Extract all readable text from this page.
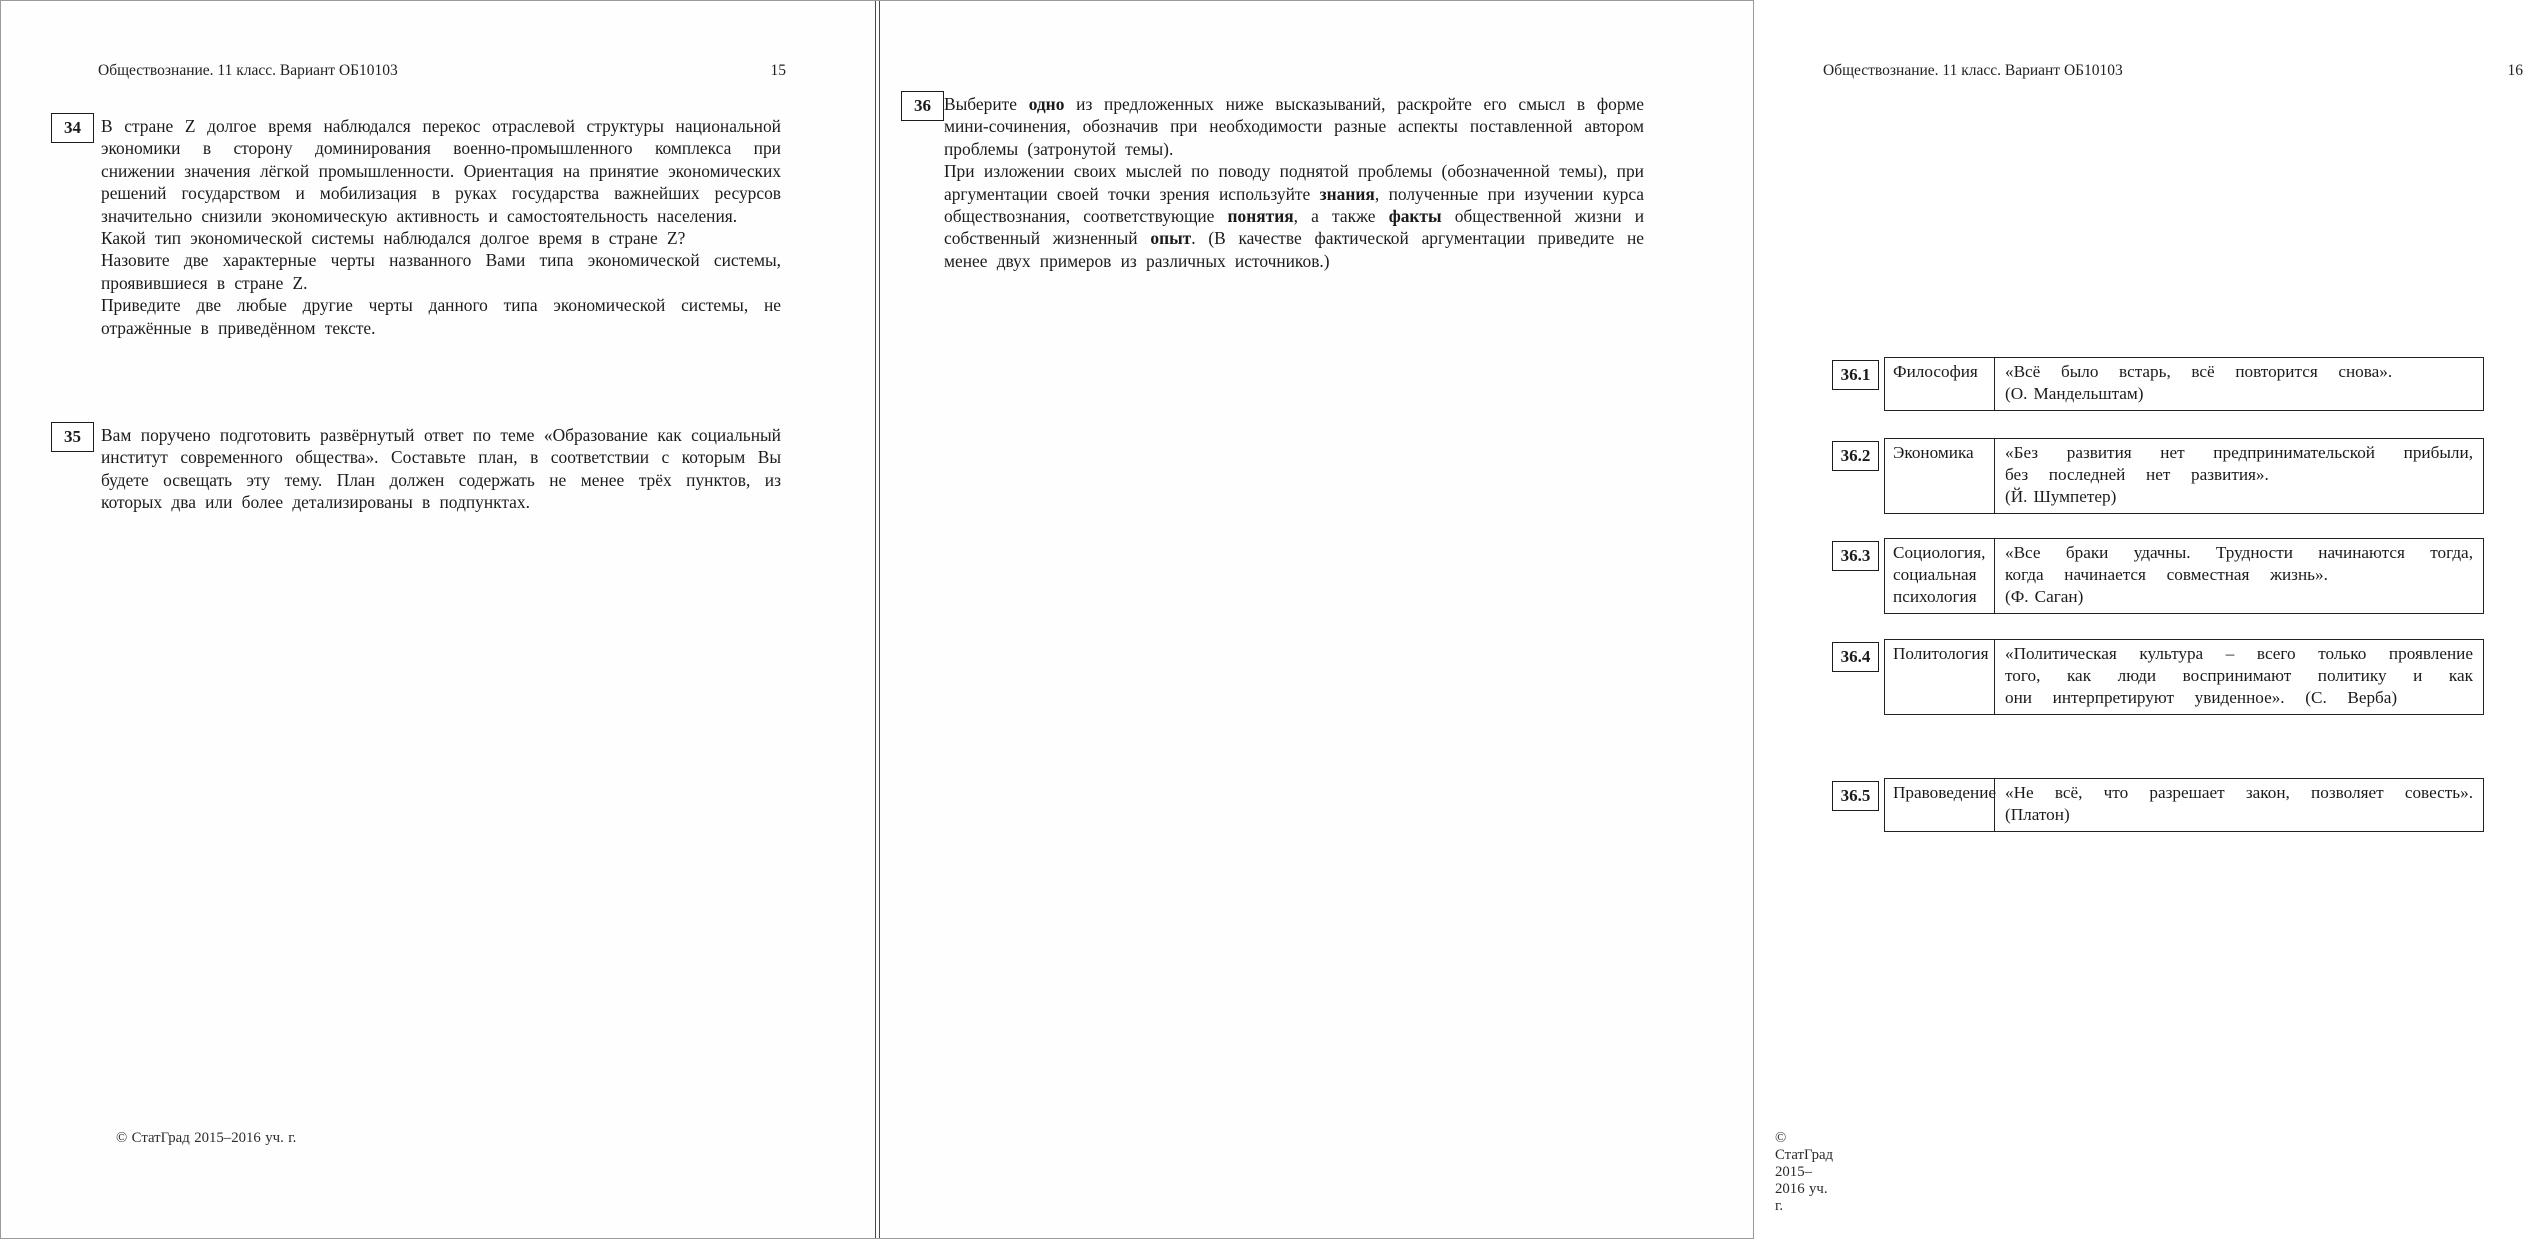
Обществознание. 11 класс. Вариант ОБ10103	15
34 В стране Z долгое время наблюдался перекос отраслевой структуры национальной экономики в сторону доминирования военно-промышленного комплекса при снижении значения лёгкой промышленности. Ориентация на принятие экономических решений государством и мобилизация в руках государства важнейших ресурсов значительно снизили экономическую активность и самостоятельность населения.

Какой тип экономической системы наблюдался долгое время в стране Z?

Назовите две характерные черты названного Вами типа экономической системы, проявившиеся в стране Z.

Приведите две любые другие черты данного типа экономической системы, не отражённые в приведённом тексте.

35 Вам поручено подготовить развёрнутый ответ по теме «Образование как социальный институт современного общества». Составьте план, в соответствии с которым Вы будете освещать эту тему. План должен содержать не менее трёх пунктов, из которых два или более детализированы в подпунктах.

© СтатГрад 2015–2016 уч. г.
Обществознание. 11 класс. Вариант ОБ10103	16
36 Выберите одно из предложенных ниже высказываний, раскройте его смысл в форме мини-сочинения, обозначив при необходимости разные аспекты поставленной автором проблемы (затронутой темы).

При изложении своих мыслей по поводу поднятой проблемы (обозначенной темы), при аргументации своей точки зрения используйте знания, полученные при изучении курса обществознания, соответствующие понятия, а также факты общественной жизни и собственный жизненный опыт. (В качестве фактической аргументации приведите не менее двух примеров из различных источников.)

36.1	Философия	«Всё было встарь, всё повторится снова».
(О. Мандельштам)
36.2	Экономика	«Без развития нет предпринимательской прибыли, без последней нет развития».
(Й. Шумпетер)
36.3	Социология, социальная психология
«Все браки удачны. Трудности начинаются тогда, когда начинается совместная жизнь».
(Ф. Саган)
36.4	Политология «Политическая культура – всего только проявление того, как люди воспринимают политику и как они интерпретируют увиденное». (С. Верба)
36.5	Правоведение «Не всё, что разрешает закон, позволяет совесть».(Платон)
© СтатГрад 2015–2016 уч. г.
